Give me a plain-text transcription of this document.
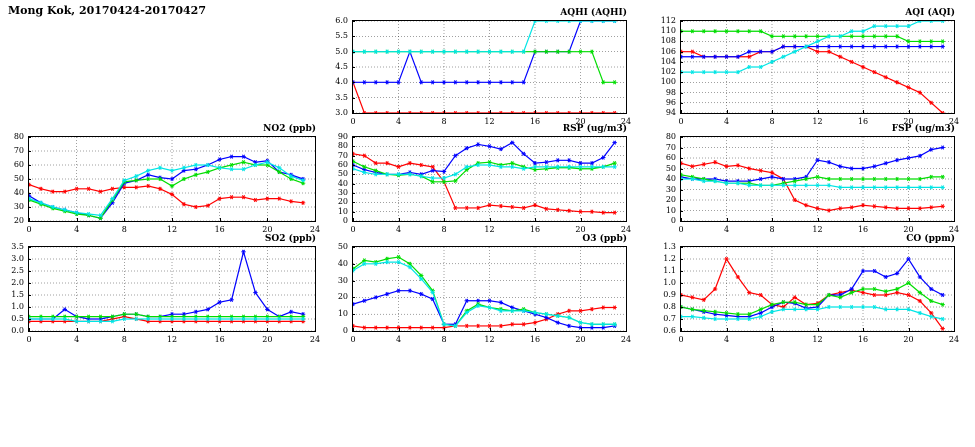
Mong Kok, 20170424-20170427	AQHI (AQHI)
3.0
3.5
4.0
4.5
5.0
5.5
6.0
0	4	8	12	16	20	24
AQI (AQI)
94
96
98
100
102
104
106
108
110
112
0	4	8	12	16	20	24
NO2 (ppb)
20
30
40
50
60
70
80
0	4	8	12	16	20	24
RSP (ug/m3)
0
10
20
30
40
50
60
70
80
90
0	4	8	12	16	20	24
FSP (ug/m3)
0
10
20
30
40
50
60
70
80
0	4	8	12	16	20	24
SO2 (ppb)
0.0
0.5
1.0
1.5
2.0
2.5
3.0
3.5
0	4	8	12	16	20	24
O3 (ppb)
0
10
20
30
40
50
0	4	8	12	16	20	24
CO (ppm)
0.6
0.7
0.8
0.9
1.0
1.1
1.2
1.3
0	4	8	12	16	20	24
